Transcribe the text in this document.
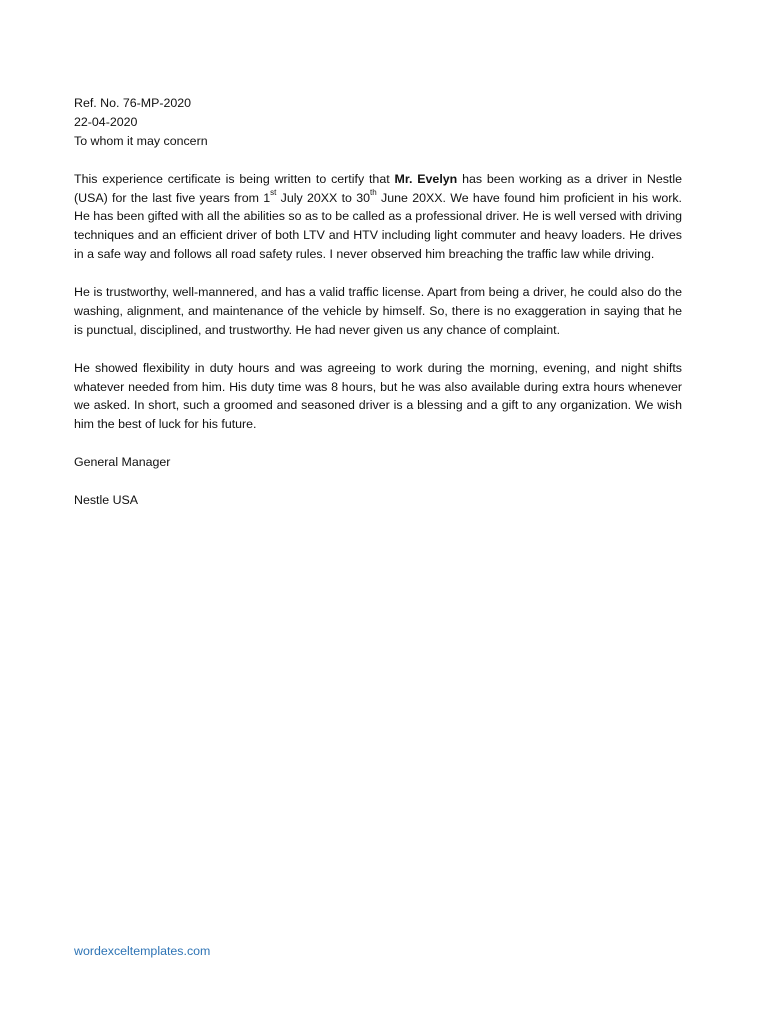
Ref. No. 76-MP-2020
22-04-2020
To whom it may concern

This experience certificate is being written to certify that Mr. Evelyn has been working as a driver in Nestle (USA) for the last five years from 1st July 20XX to 30th June 20XX. We have found him proficient in his work. He has been gifted with all the abilities so as to be called as a professional driver. He is well versed with driving techniques and an efficient driver of both LTV and HTV including light commuter and heavy loaders. He drives in a safe way and follows all road safety rules. I never observed him breaching the traffic law while driving.

He is trustworthy, well-mannered, and has a valid traffic license. Apart from being a driver, he could also do the washing, alignment, and maintenance of the vehicle by himself. So, there is no exaggeration in saying that he is punctual, disciplined, and trustworthy. He had never given us any chance of complaint.

He showed flexibility in duty hours and was agreeing to work during the morning, evening, and night shifts whatever needed from him. His duty time was 8 hours, but he was also available during extra hours whenever we asked. In short, such a groomed and seasoned driver is a blessing and a gift to any organization. We wish him the best of luck for his future.

General Manager

Nestle USA

wordexceltemplates.com
